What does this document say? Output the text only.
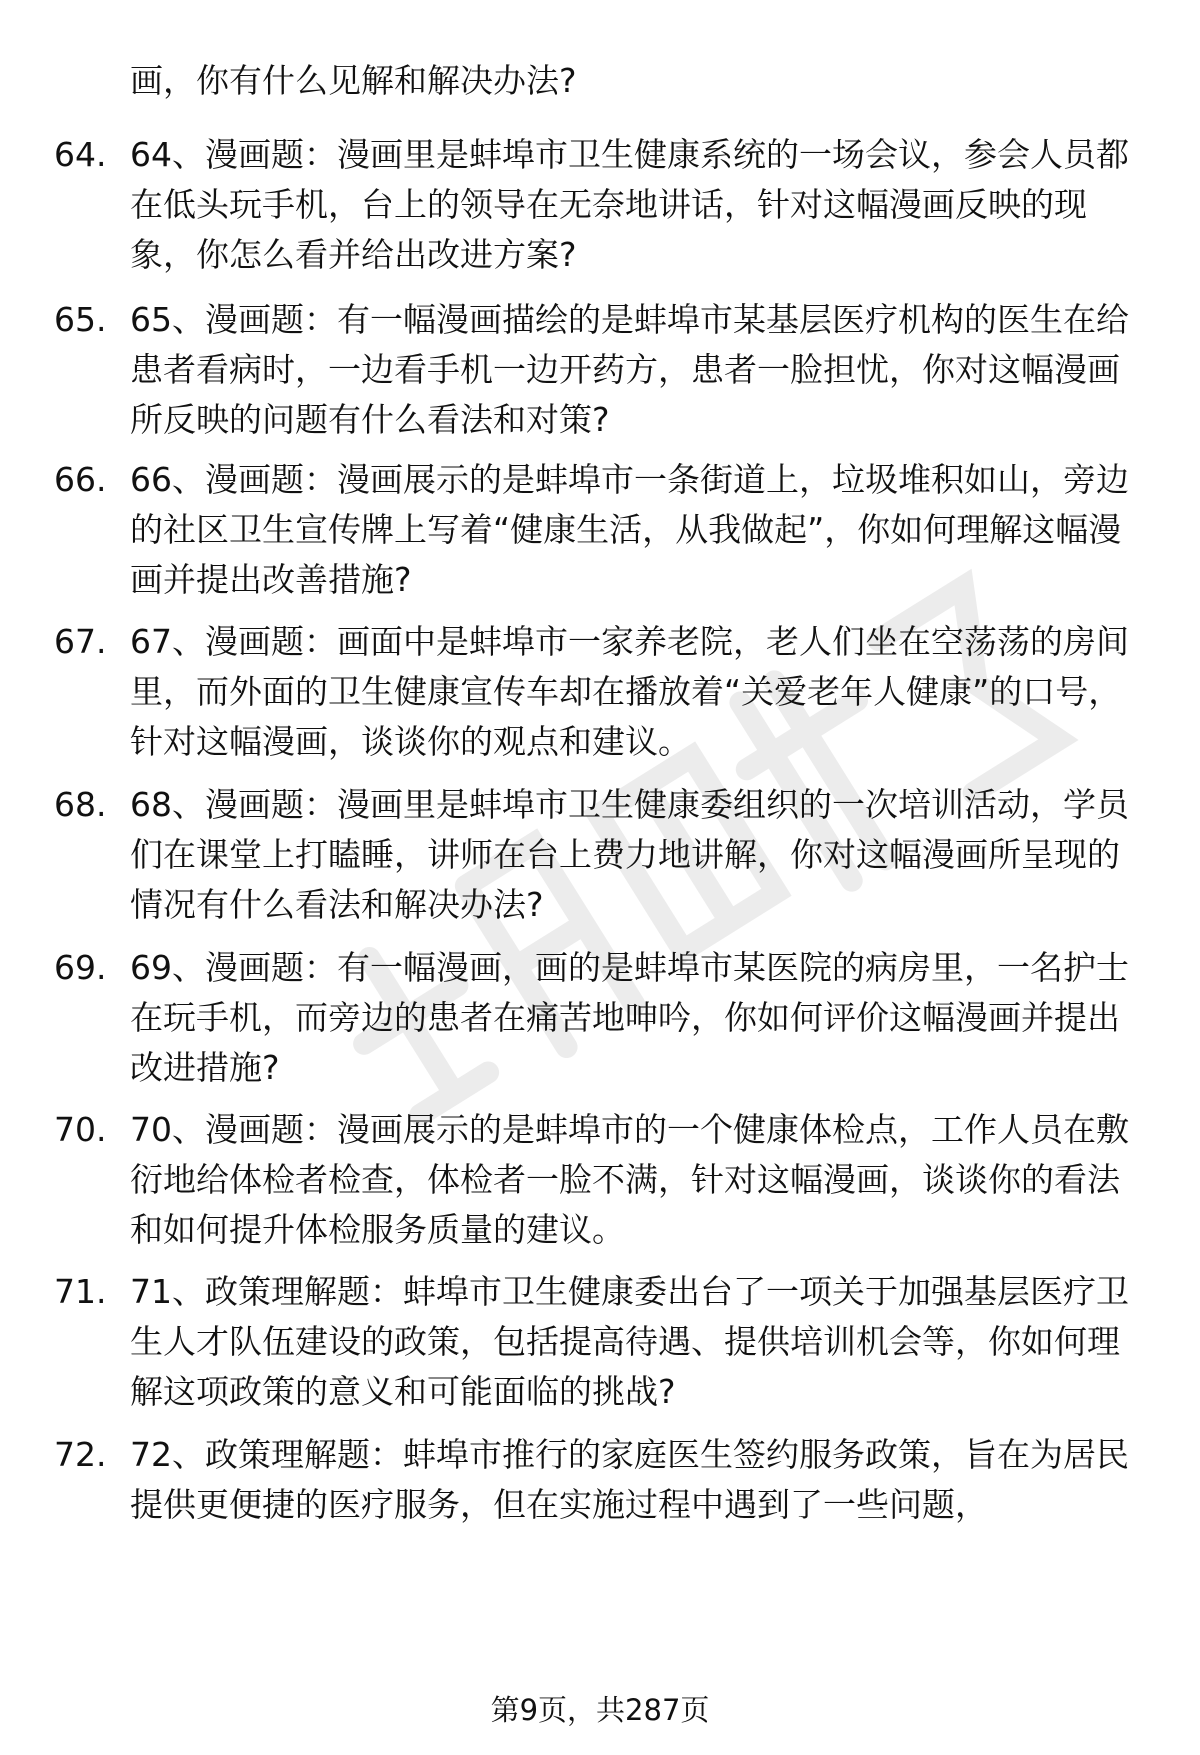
画，你有什么见解和解决办法?

64. 64、漫画题：漫画里是蚌埠市卫生健康系统的一场会议，参会人员都在低头玩手机，台上的领导在无奈地讲话，针对这幅漫画反映的现象，你怎么看并给出改进方案?

65. 65、漫画题：有一幅漫画描绘的是蚌埠市某基层医疗机构的医生在给患者看病时，一边看手机一边开药方，患者一脸担忧，你对这幅漫画所反映的问题有什么看法和对策?

66. 66、漫画题：漫画展示的是蚌埠市一条街道上，垃圾堆积如山，旁边的社区卫生宣传牌上写着“健康生活，从我做起”，你如何理解这幅漫画并提出改善措施?

67. 67、漫画题：画面中是蚌埠市一家养老院，老人们坐在空荡荡的房间里，而外面的卫生健康宣传车却在播放着“关爱老年人健康”的口号，针对这幅漫画，谈谈你的观点和建议。

68. 68、漫画题：漫画里是蚌埠市卫生健康委组织的一次培训活动，学员们在课堂上打瞌睡，讲师在台上费力地讲解，你对这幅漫画所呈现的情况有什么看法和解决办法?

69. 69、漫画题：有一幅漫画，画的是蚌埠市某医院的病房里，一名护士在玩手机，而旁边的患者在痛苦地呻吟，你如何评价这幅漫画并提出改进措施?

70. 70、漫画题：漫画展示的是蚌埠市的一个健康体检点，工作人员在敷衍地给体检者检查，体检者一脸不满，针对这幅漫画，谈谈你的看法和如何提升体检服务质量的建议。

71. 71、政策理解题：蚌埠市卫生健康委出台了一项关于加强基层医疗卫生人才队伍建设的政策，包括提高待遇、提供培训机会等，你如何理解这项政策的意义和可能面临的挑战?

72. 72、政策理解题：蚌埠市推行的家庭医生签约服务政策，旨在为居民提供更便捷的医疗服务，但在实施过程中遇到了一些问题，

第9页，共287页
